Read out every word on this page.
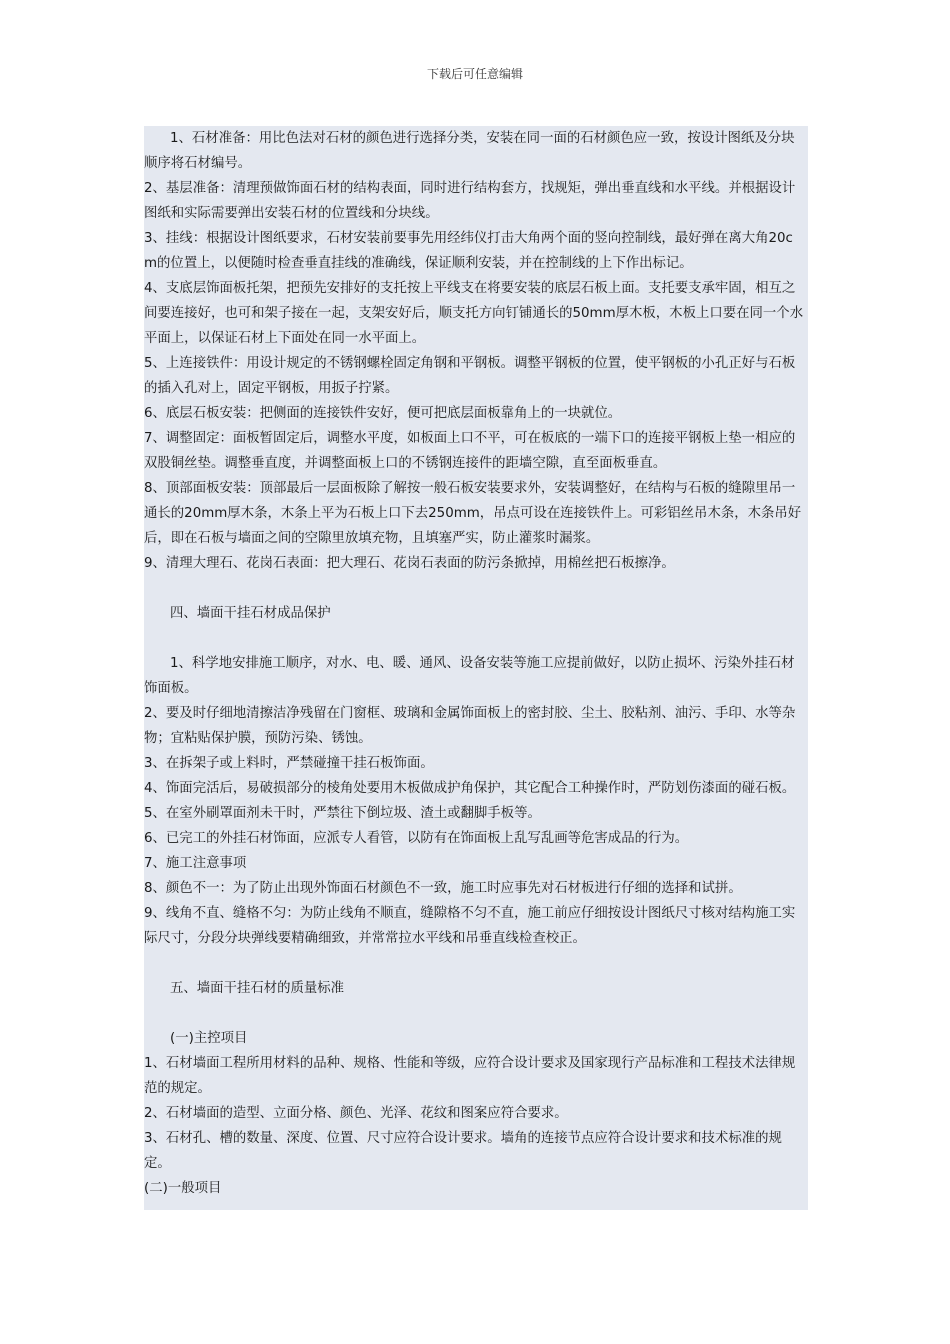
下载后可任意编辑

1、石材准备：用比色法对石材的颜色进行选择分类，安装在同一面的石材颜色应一致，按设计图纸及分块顺序将石材编号。

2、基层准备：清理预做饰面石材的结构表面，同时进行结构套方，找规矩，弹出垂直线和水平线。并根据设计图纸和实际需要弹出安装石材的位置线和分块线。

3、挂线：根据设计图纸要求，石材安装前要事先用经纬仪打击大角两个面的竖向控制线，最好弹在离大角20cm的位置上，以便随时检查垂直挂线的准确线，保证顺利安装，并在控制线的上下作出标记。

4、支底层饰面板托架，把预先安排好的支托按上平线支在将要安装的底层石板上面。支托要支承牢固，相互之间要连接好，也可和架子接在一起，支架安好后，顺支托方向钉铺通长的50mm厚木板，木板上口要在同一个水平面上，以保证石材上下面处在同一水平面上。

5、上连接铁件：用设计规定的不锈钢螺栓固定角钢和平钢板。调整平钢板的位置，使平钢板的小孔正好与石板的插入孔对上，固定平钢板，用扳子拧紧。

6、底层石板安装：把侧面的连接铁件安好，便可把底层面板靠角上的一块就位。

7、调整固定：面板暂固定后，调整水平度，如板面上口不平，可在板底的一端下口的连接平钢板上垫一相应的双股铜丝垫。调整垂直度，并调整面板上口的不锈钢连接件的距墙空隙，直至面板垂直。

8、顶部面板安装：顶部最后一层面板除了解按一般石板安装要求外，安装调整好，在结构与石板的缝隙里吊一通长的20mm厚木条，木条上平为石板上口下去250mm，吊点可设在连接铁件上。可彩铝丝吊木条，木条吊好后，即在石板与墙面之间的空隙里放填充物，且填塞严实，防止灌浆时漏浆。

9、清理大理石、花岗石表面：把大理石、花岗石表面的防污条掀掉，用棉丝把石板擦净。

四、墙面干挂石材成品保护

1、科学地安排施工顺序，对水、电、暖、通风、设备安装等施工应提前做好，以防止损坏、污染外挂石材饰面板。

2、要及时仔细地清擦洁净残留在门窗框、玻璃和金属饰面板上的密封胶、尘土、胶粘剂、油污、手印、水等杂物；宜粘贴保护膜，预防污染、锈蚀。

3、在拆架子或上料时，严禁碰撞干挂石板饰面。

4、饰面完活后，易破损部分的棱角处要用木板做成护角保护，其它配合工种操作时，严防划伤漆面的碰石板。

5、在室外刷罩面剂未干时，严禁往下倒垃圾、渣土或翻脚手板等。

6、已完工的外挂石材饰面，应派专人看管，以防有在饰面板上乱写乱画等危害成品的行为。

7、施工注意事项

8、颜色不一：为了防止出现外饰面石材颜色不一致，施工时应事先对石材板进行仔细的选择和试拼。

9、线角不直、缝格不匀：为防止线角不顺直，缝隙格不匀不直，施工前应仔细按设计图纸尺寸核对结构施工实际尺寸，分段分块弹线要精确细致，并常常拉水平线和吊垂直线检查校正。

五、墙面干挂石材的质量标准

(一)主控项目

1、石材墙面工程所用材料的品种、规格、性能和等级，应符合设计要求及国家现行产品标准和工程技术法律规范的规定。

2、石材墙面的造型、立面分格、颜色、光泽、花纹和图案应符合要求。

3、石材孔、槽的数量、深度、位置、尺寸应符合设计要求。墙角的连接节点应符合设计要求和技术标准的规定。

(二)一般项目
